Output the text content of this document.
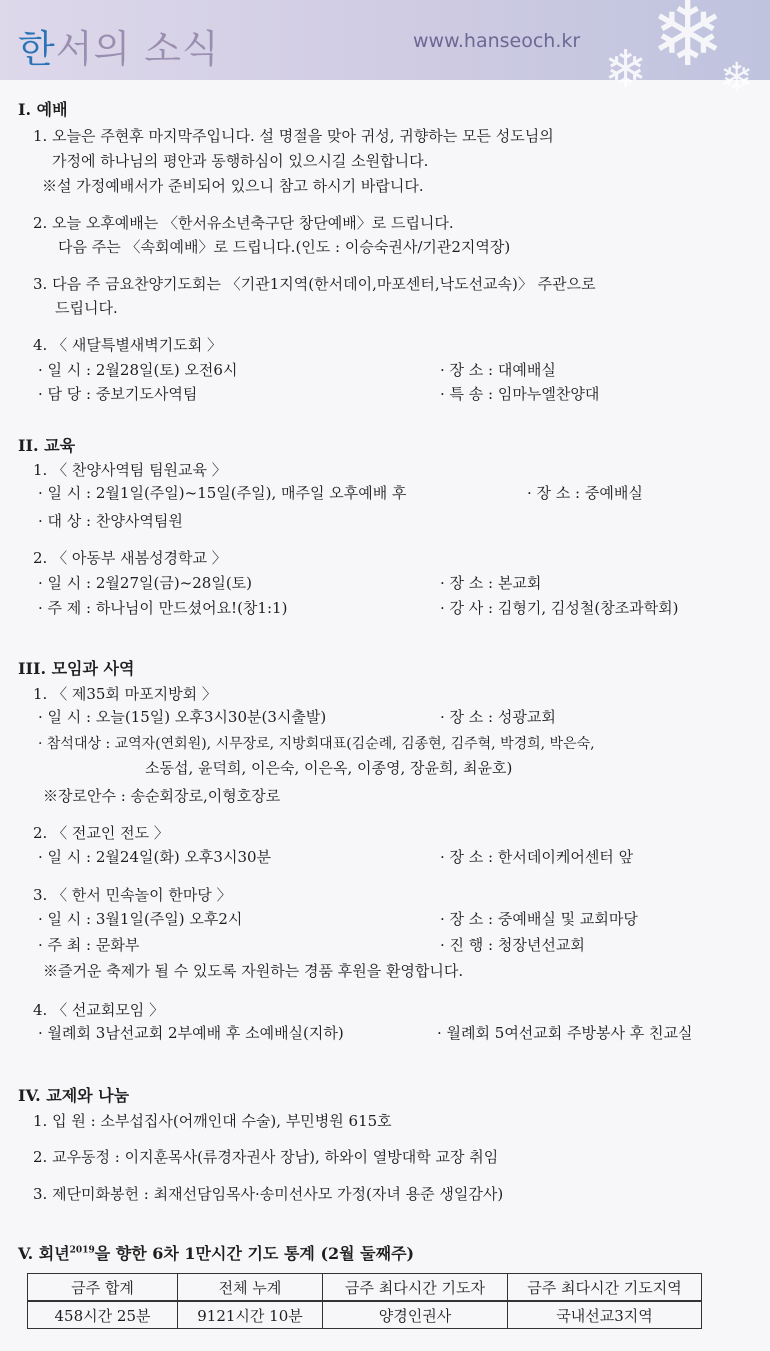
한서의 소식	www.hanseoch.kr ❄
❄ ❄
I. 예배
1. 오늘은 주현후 마지막주입니다. 설 명절을 맞아 귀성, 귀향하는 모든 성도님의
가정에 하나님의 평안과 동행하심이 있으시길 소원합니다.
※설 가정예배서가 준비되어 있으니 참고 하시기 바랍니다.
2. 오늘 오후예배는 〈한서유소년축구단 창단예배〉로 드립니다.
다음 주는 〈속회예배〉로 드립니다.(인도 : 이승숙권사/기관2지역장)
3. 다음 주 금요찬양기도회는 〈기관1지역(한서데이,마포센터,낙도선교속)〉 주관으로
드립니다.
4. 〈 새달특별새벽기도회 〉
· 일 시 : 2월28일(토) 오전6시	· 장 소 : 대예배실
· 담 당 : 중보기도사역팀	· 특 송 : 임마누엘찬양대
II. 교육
1. 〈 찬양사역팀 팀원교육 〉
· 일 시 : 2월1일(주일)~15일(주일), 매주일 오후예배 후	· 장 소 : 중예배실
· 대 상 : 찬양사역팀원
2. 〈 아동부 새봄성경학교 〉
· 일 시 : 2월27일(금)~28일(토)	· 장 소 : 본교회
· 주 제 : 하나님이 만드셨어요!(창1:1)	· 강 사 : 김형기, 김성철(창조과학회)
III. 모임과 사역
1. 〈 제35회 마포지방회 〉
· 일 시 : 오늘(15일) 오후3시30분(3시출발)	· 장 소 : 성광교회
· 참석대상 : 교역자(연회원), 시무장로, 지방회대표(김순례, 김종현, 김주혁, 박경희, 박은숙,
소동섭, 윤덕희, 이은숙, 이은옥, 이종영, 장윤희, 최윤호)
※장로안수 : 송순회장로,이형호장로
2. 〈 전교인 전도 〉
· 일 시 : 2월24일(화) 오후3시30분	· 장 소 : 한서데이케어센터 앞
3. 〈 한서 민속놀이 한마당 〉
· 일 시 : 3월1일(주일) 오후2시	· 장 소 : 중예배실 및 교회마당
· 주 최 : 문화부	· 진 행 : 청장년선교회
※즐거운 축제가 될 수 있도록 자원하는 경품 후원을 환영합니다.
4. 〈 선교회모임 〉
· 월례회 3남선교회 2부예배 후 소예배실(지하)	· 월례회 5여선교회 주방봉사 후 친교실
IV. 교제와 나눔
1. 입 원 : 소부섭집사(어깨인대 수술), 부민병원 615호
2. 교우동정 : 이지훈목사(류경자권사 장남), 하와이 열방대학 교장 취임
3. 제단미화봉헌 : 최재선담임목사·송미선사모 가정(자녀 용준 생일감사)
V. 회년$^{2019}$을 향한 6차 1만시간 기도 통계 (2월 둘째주)
금주 합계	전체 누계	금주 최다시간 기도자	금주 최다시간 기도지역
458시간 25분	9121시간 10분	양경인권사	국내선교3지역
